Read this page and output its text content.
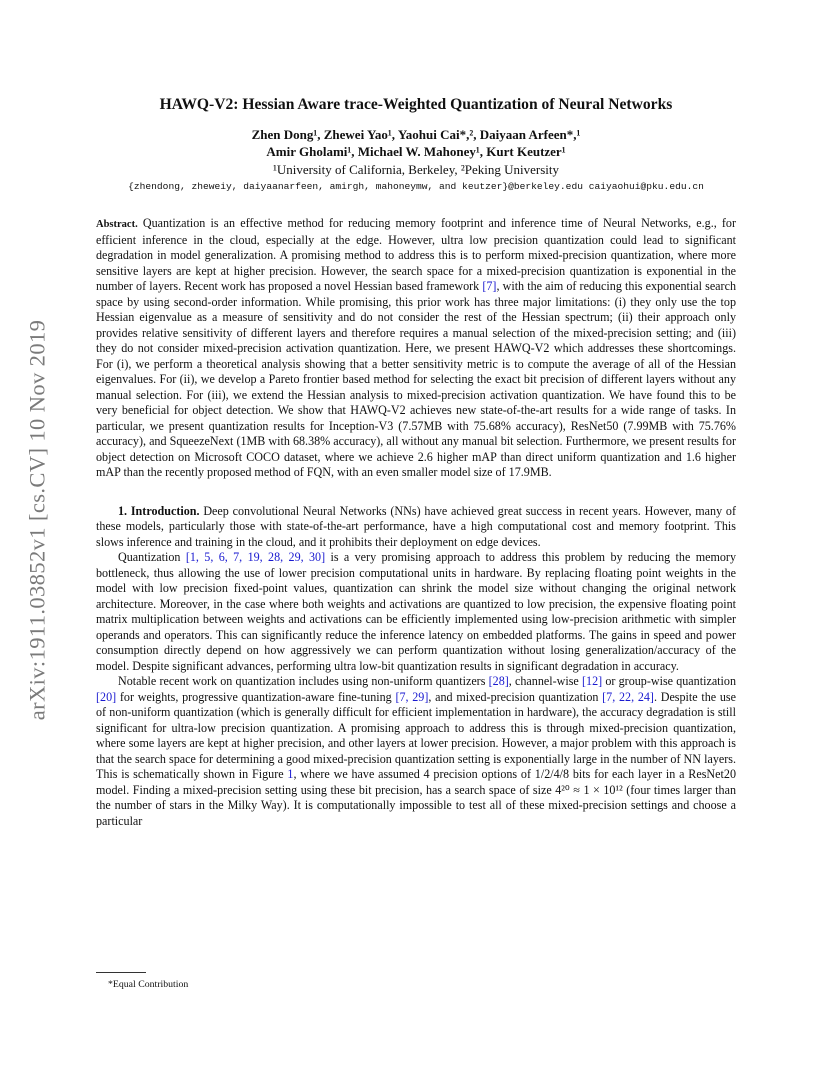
arXiv:1911.03852v1 [cs.CV] 10 Nov 2019
HAWQ-V2: Hessian Aware trace-Weighted Quantization of Neural Networks
Zhen Dong¹, Zhewei Yao¹, Yaohui Cai*,², Daiyaan Arfeen*,¹
Amir Gholami¹, Michael W. Mahoney¹, Kurt Keutzer¹
¹University of California, Berkeley, ²Peking University
{zhendong, zheweiy, daiyaanarfeen, amirgh, mahoneymw, and keutzer}@berkeley.edu caiyaohui@pku.edu.cn
Abstract. Quantization is an effective method for reducing memory footprint and inference time of Neural Networks, e.g., for efficient inference in the cloud, especially at the edge. However, ultra low precision quantization could lead to significant degradation in model generalization. A promising method to address this is to perform mixed-precision quantization, where more sensitive layers are kept at higher precision. However, the search space for a mixed-precision quantization is exponential in the number of layers. Recent work has proposed a novel Hessian based framework [7], with the aim of reducing this exponential search space by using second-order information. While promising, this prior work has three major limitations: (i) they only use the top Hessian eigenvalue as a measure of sensitivity and do not consider the rest of the Hessian spectrum; (ii) their approach only provides relative sensitivity of different layers and therefore requires a manual selection of the mixed-precision setting; and (iii) they do not consider mixed-precision activation quantization. Here, we present HAWQ-V2 which addresses these shortcomings. For (i), we perform a theoretical analysis showing that a better sensitivity metric is to compute the average of all of the Hessian eigenvalues. For (ii), we develop a Pareto frontier based method for selecting the exact bit precision of different layers without any manual selection. For (iii), we extend the Hessian analysis to mixed-precision activation quantization. We have found this to be very beneficial for object detection. We show that HAWQ-V2 achieves new state-of-the-art results for a wide range of tasks. In particular, we present quantization results for Inception-V3 (7.57MB with 75.68% accuracy), ResNet50 (7.99MB with 75.76% accuracy), and SqueezeNext (1MB with 68.38% accuracy), all without any manual bit selection. Furthermore, we present results for object detection on Microsoft COCO dataset, where we achieve 2.6 higher mAP than direct uniform quantization and 1.6 higher mAP than the recently proposed method of FQN, with an even smaller model size of 17.9MB.

1. Introduction. Deep convolutional Neural Networks (NNs) have achieved great success in recent years. However, many of these models, particularly those with state-of-the-art performance, have a high computational cost and memory footprint. This slows inference and training in the cloud, and it prohibits their deployment on edge devices.

Quantization [1, 5, 6, 7, 19, 28, 29, 30] is a very promising approach to address this problem by reducing the memory bottleneck, thus allowing the use of lower precision computational units in hardware. By replacing floating point weights in the model with low precision fixed-point values, quantization can shrink the model size without changing the original network architecture. Moreover, in the case where both weights and activations are quantized to low precision, the expensive floating point matrix multiplication between weights and activations can be efficiently implemented using low-precision arithmetic with simpler operands and operators. This can significantly reduce the inference latency on embedded platforms. The gains in speed and power consumption directly depend on how aggressively we can perform quantization without losing generalization/accuracy of the model. Despite significant advances, performing ultra low-bit quantization results in significant degradation in accuracy.

Notable recent work on quantization includes using non-uniform quantizers [28], channel-wise [12] or group-wise quantization [20] for weights, progressive quantization-aware fine-tuning [7, 29], and mixed-precision quantization [7, 22, 24]. Despite the use of non-uniform quantization (which is generally difficult for efficient implementation in hardware), the accuracy degradation is still significant for ultra-low precision quantization. A promising approach to address this is through mixed-precision quantization, where some layers are kept at higher precision, and other layers at lower precision. However, a major problem with this approach is that the search space for determining a good mixed-precision quantization setting is exponentially large in the number of NN layers. This is schematically shown in Figure 1, where we have assumed 4 precision options of 1/2/4/8 bits for each layer in a ResNet20 model. Finding a mixed-precision setting using these bit precision, has a search space of size 4²⁰ ≈ 1 × 10¹² (four times larger than the number of stars in the Milky Way). It is computationally impossible to test all of these mixed-precision settings and choose a particular

*Equal Contribution
